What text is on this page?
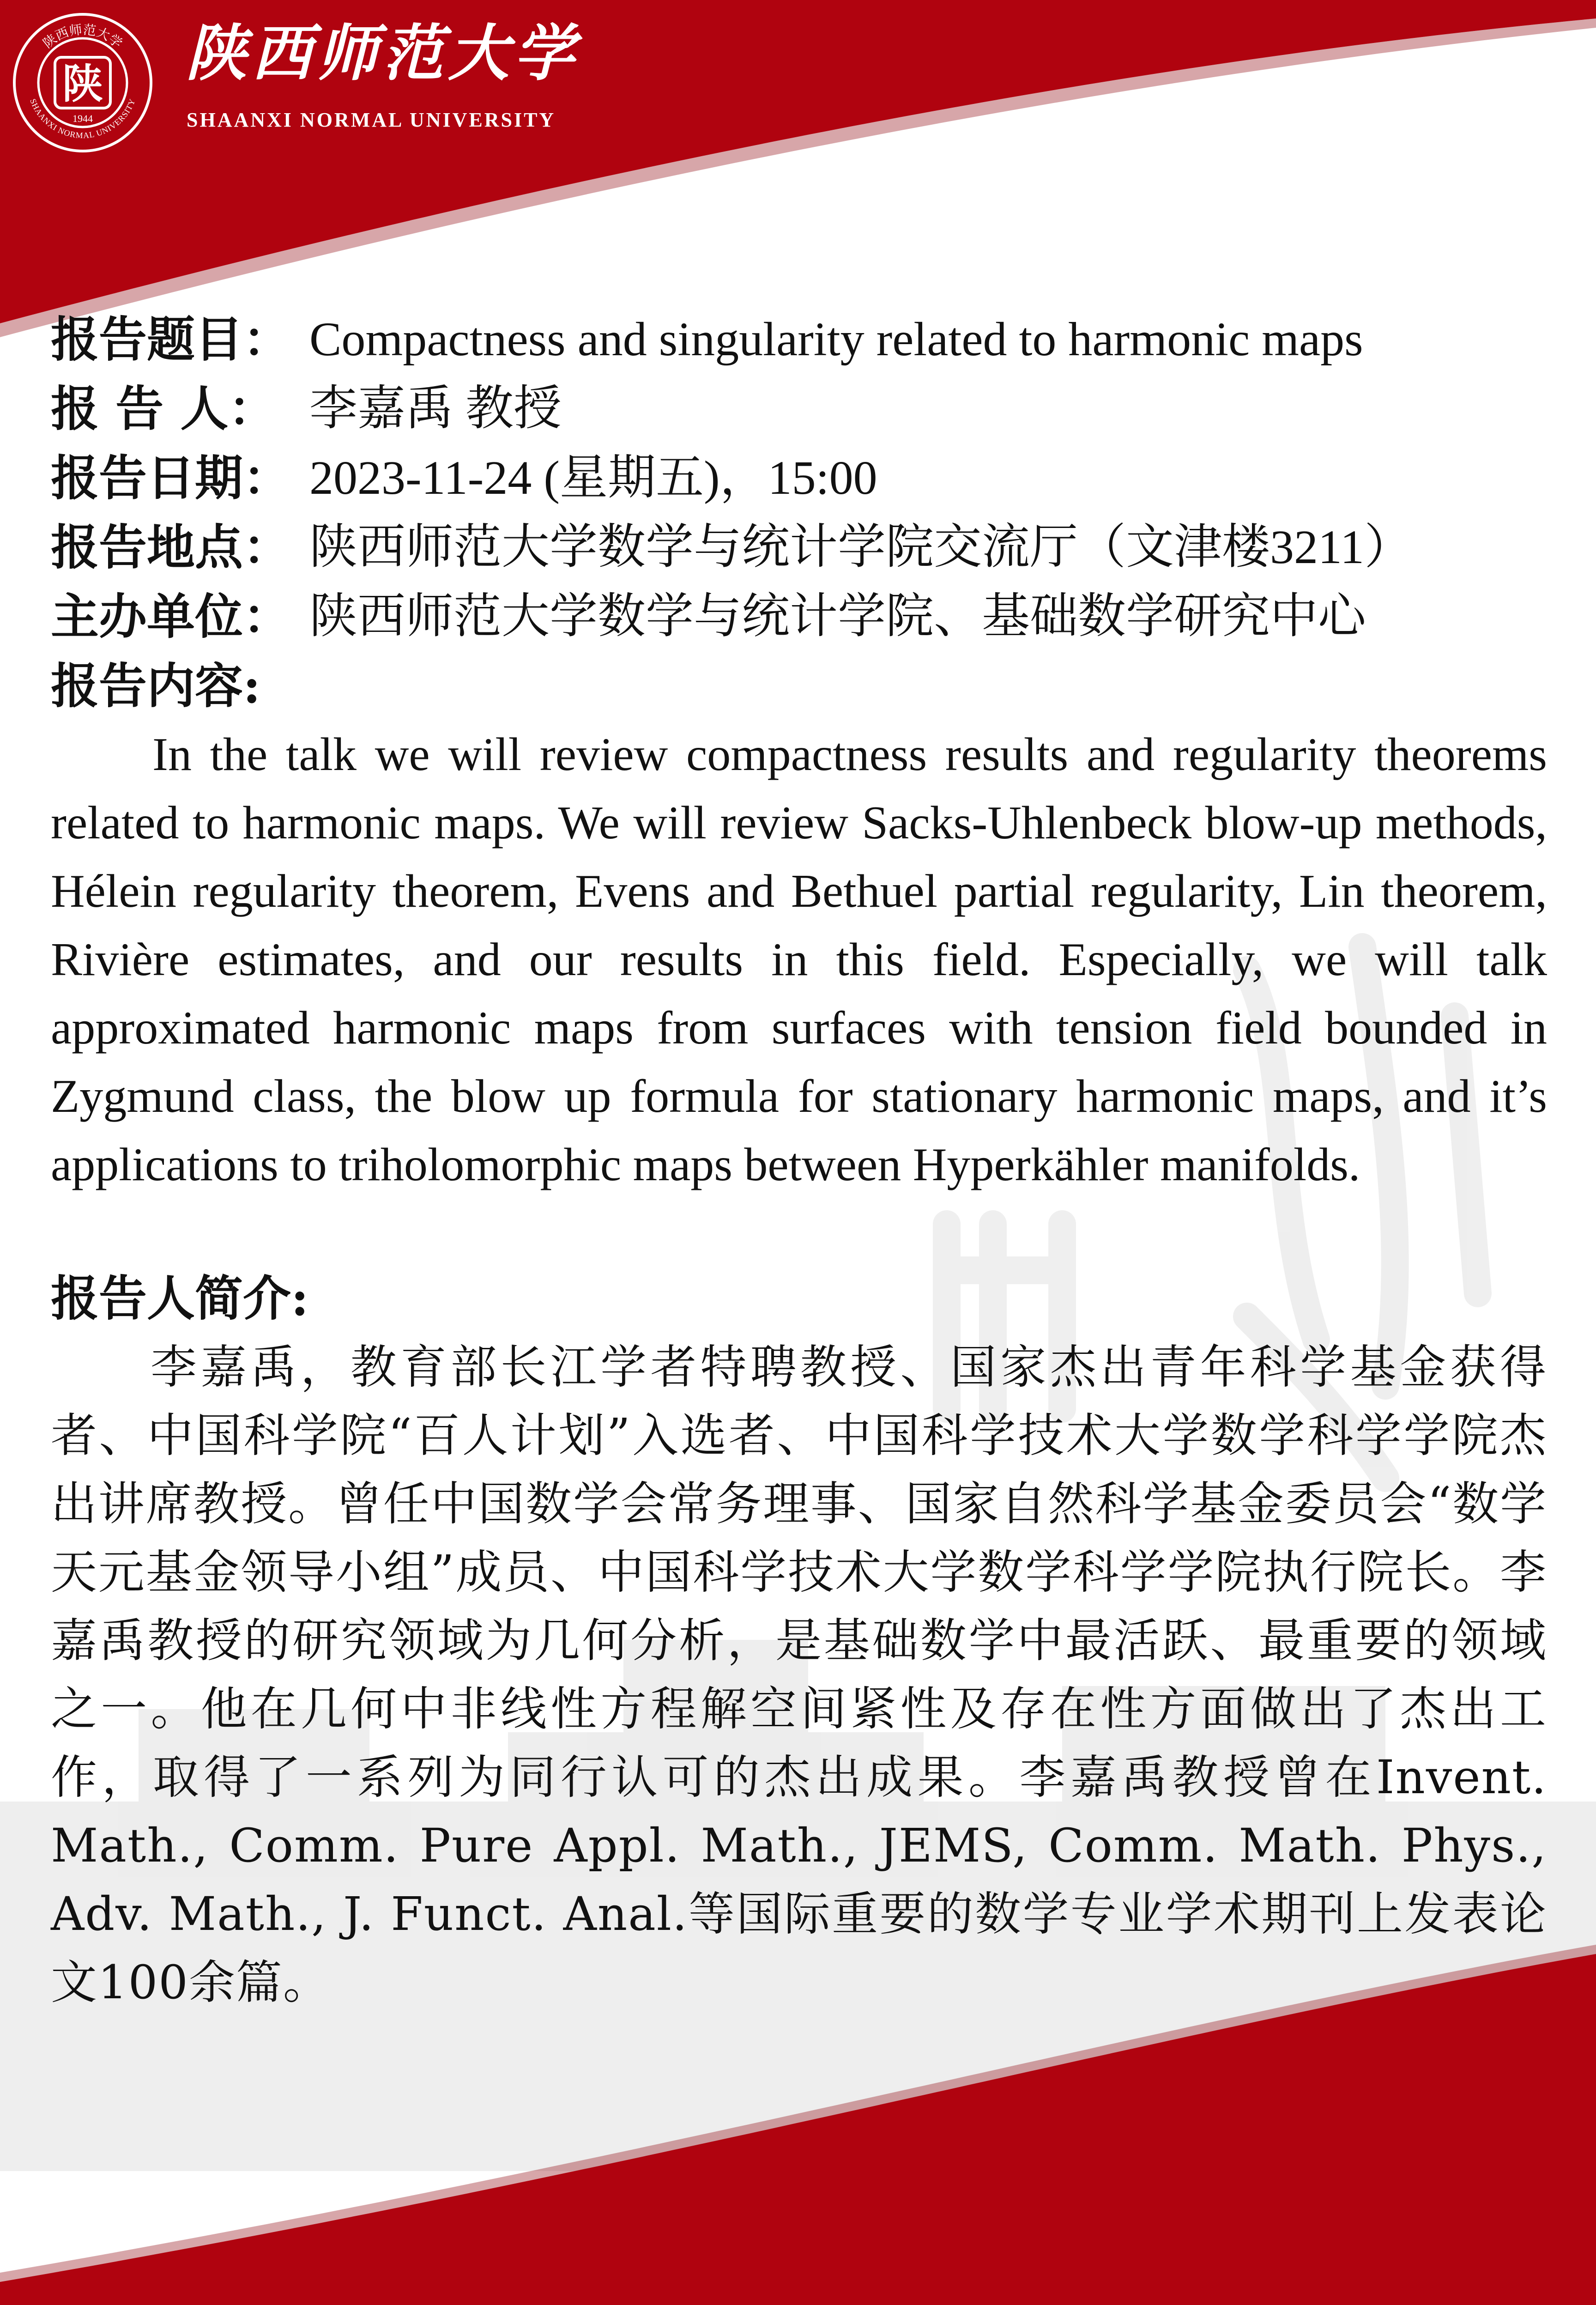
陕
1944
陕西师范大学
SHAANXI NORMAL UNIVERSITY
陕西师范大学
SHAANXI NORMAL UNIVERSITY
报告题目： Compactness and singularity related to harmonic maps
报 告 人： 李嘉禹 教授
报告日期： 2023-11-24 (星期五)，15:00
报告地点： 陕西师范大学数学与统计学院交流厅（文津楼3211）
主办单位： 陕西师范大学数学与统计学院、基础数学研究中心
报告内容:

In the talk we will review compactness results and regularity theorems related to harmonic maps. We will review Sacks-Uhlenbeck blow-up methods, Hélein regularity theorem, Evens and Bethuel partial regularity, Lin theorem, Rivière estimates, and our results in this field. Especially, we will talk approximated harmonic maps from surfaces with tension field bounded in Zygmund class, the blow up formula for stationary harmonic maps, and it’s applications to triholomorphic maps between Hyperkähler manifolds.

报告人简介:

李嘉禹，教育部长江学者特聘教授、国家杰出青年科学基金获得者、中国科学院“百人计划”入选者、中国科学技术大学数学科学学院杰出讲席教授。曾任中国数学会常务理事、国家自然科学基金委员会“数学天元基金领导小组”成员、中国科学技术大学数学科学学院执行院长。李嘉禹教授的研究领域为几何分析，是基础数学中最活跃、最重要的领域之一。他在几何中非线性方程解空间紧性及存在性方面做出了杰出工作，取得了一系列为同行认可的杰出成果。李嘉禹教授曾在Invent. Math., Comm. Pure Appl. Math., JEMS, Comm. Math. Phys., Adv. Math., J. Funct. Anal.等国际重要的数学专业学术期刊上发表论文100余篇。
